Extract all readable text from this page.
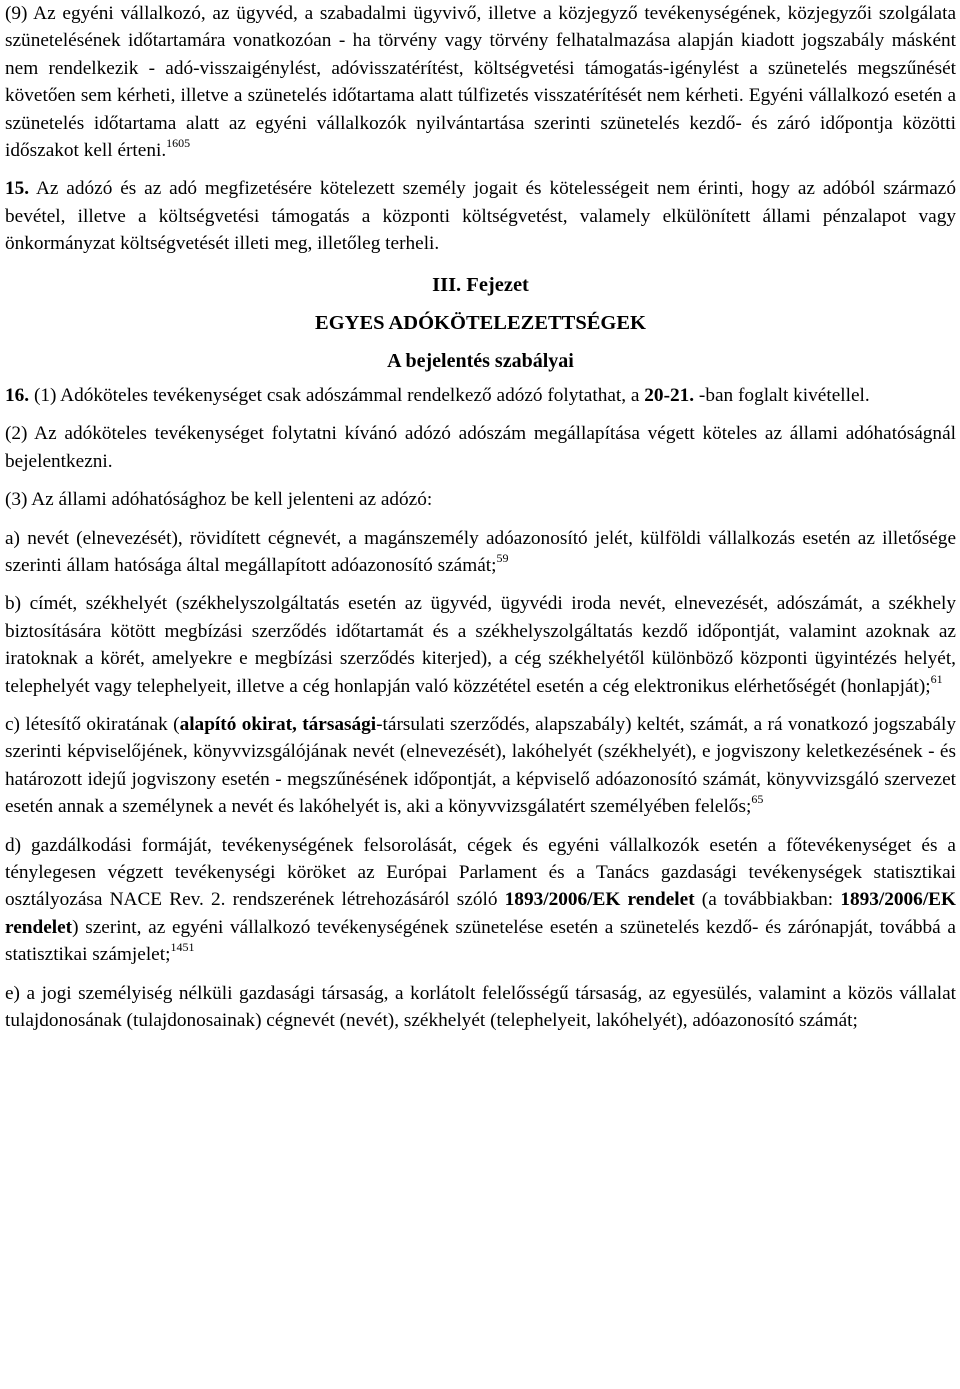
(9) Az egyéni vállalkozó, az ügyvéd, a szabadalmi ügyvivő, illetve a közjegyző tevékenységének, közjegyzői szolgálata szünetelésének időtartamára vonatkozóan - ha törvény vagy törvény felhatalmazása alapján kiadott jogszabály másként nem rendelkezik - adó-visszaigénylést, adóvisszatérítést, költségvetési támogatás-igénylést a szünetelés megszűnését követően sem kérheti, illetve a szünetelés időtartama alatt túlfizetés visszatérítését nem kérheti. Egyéni vállalkozó esetén a szünetelés időtartama alatt az egyéni vállalkozók nyilvántartása szerinti szünetelés kezdő- és záró időpontja közötti időszakot kell érteni.$^{1605}$

15. Az adózó és az adó megfizetésére kötelezett személy jogait és kötelességeit nem érinti, hogy az adóból származó bevétel, illetve a költségvetési támogatás a központi költségvetést, valamely elkülönített állami pénzalapot vagy önkormányzat költségvetését illeti meg, illetőleg terheli.

III. Fejezet

EGYES ADÓKÖTELEZETTSÉGEK

A bejelentés szabályai

16. (1) Adóköteles tevékenységet csak adószámmal rendelkező adózó folytathat, a 20-21. -ban foglalt kivétellel.

(2) Az adóköteles tevékenységet folytatni kívánó adózó adószám megállapítása végett köteles az állami adóhatóságnál bejelentkezni.

(3) Az állami adóhatósághoz be kell jelenteni az adózó:

a) nevét (elnevezését), rövidített cégnevét, a magánszemély adóazonosító jelét, külföldi vállalkozás esetén az illetősége szerinti állam hatósága által megállapított adóazonosító számát;$^{59}$

b) címét, székhelyét (székhelyszolgáltatás esetén az ügyvéd, ügyvédi iroda nevét, elnevezését, adószámát, a székhely biztosítására kötött megbízási szerződés időtartamát és a székhelyszolgáltatás kezdő időpontját, valamint azoknak az iratoknak a körét, amelyekre e megbízási szerződés kiterjed), a cég székhelyétől különböző központi ügyintézés helyét, telephelyét vagy telephelyeit, illetve a cég honlapján való közzététel esetén a cég elektronikus elérhetőségét (honlapját);$^{61}$

c) létesítő okiratának (alapító okirat, társasági-társulati szerződés, alapszabály) keltét, számát, a rá vonatkozó jogszabály szerinti képviselőjének, könyvvizsgálójának nevét (elnevezését), lakóhelyét (székhelyét), e jogviszony keletkezésének - és határozott idejű jogviszony esetén - megszűnésének időpontját, a képviselő adóazonosító számát, könyvvizsgáló szervezet esetén annak a személynek a nevét és lakóhelyét is, aki a könyvvizsgálatért személyében felelős;$^{65}$

d) gazdálkodási formáját, tevékenységének felsorolását, cégek és egyéni vállalkozók esetén a főtevékenységet és a ténylegesen végzett tevékenységi köröket az Európai Parlament és a Tanács gazdasági tevékenységek statisztikai osztályozása NACE Rev. 2. rendszerének létrehozásáról szóló 1893/2006/EK rendelet (a továbbiakban: 1893/2006/EK rendelet) szerint, az egyéni vállalkozó tevékenységének szünetelése esetén a szünetelés kezdő- és zárónapját, továbbá a statisztikai számjelet;$^{1451}$

e) a jogi személyiség nélküli gazdasági társaság, a korlátolt felelősségű társaság, az egyesülés, valamint a közös vállalat tulajdonosának (tulajdonosainak) cégnevét (nevét), székhelyét (telephelyeit, lakóhelyét), adóazonosító számát;
